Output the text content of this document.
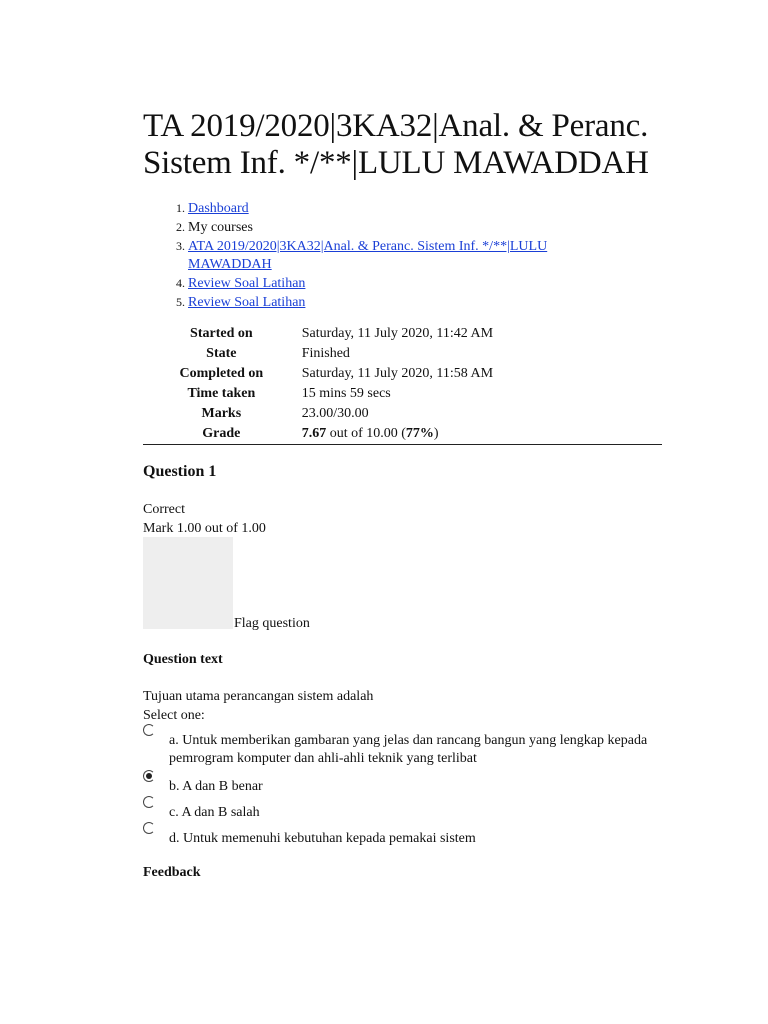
TA 2019/2020|3KA32|Anal. & Peranc. Sistem Inf. */**|LULU MAWADDAH
1. Dashboard
2. My courses
3. ATA 2019/2020|3KA32|Anal. & Peranc. Sistem Inf. */**|LULU MAWADDAH
4. Review Soal Latihan
5. Review Soal Latihan
Started on	Saturday, 11 July 2020, 11:42 AM
State	Finished
Completed on	Saturday, 11 July 2020, 11:58 AM
Time taken	15 mins 59 secs
Marks	23.00/30.00
Grade	7.67 out of 10.00 (77%)
Question 1
Correct
Mark 1.00 out of 1.00
Flag question
Question text
Tujuan utama perancangan sistem adalah
Select one:
a. Untuk memberikan gambaran yang jelas dan rancang bangun yang lengkap kepada pemrogram komputer dan ahli-ahli teknik yang terlibat
b. A dan B benar
c. A dan B salah
d. Untuk memenuhi kebutuhan kepada pemakai sistem
Feedback
